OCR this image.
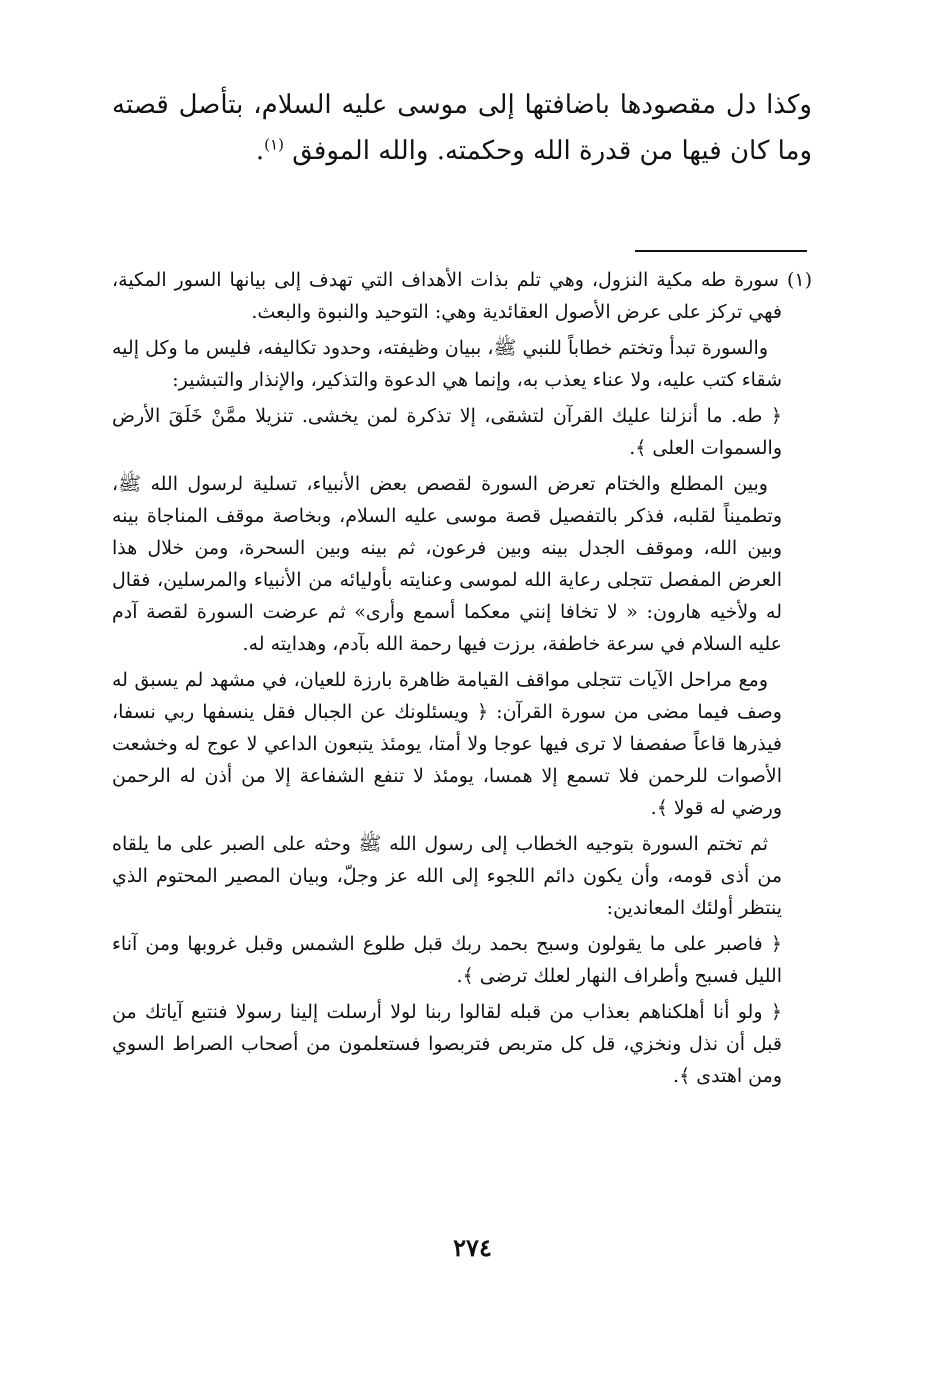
وكذا دل مقصودها باضافتها إلى موسى عليه السلام، بتأصل قصته وما كان فيها من قدرة الله وحكمته. والله الموفق $^{(١)}$.

(١) سورة طه مكية النزول، وهي تلم بذات الأهداف التي تهدف إلى بيانها السور المكية، فهي تركز على عرض الأصول العقائدية وهي: التوحيد والنبوة والبعث.

والسورة تبدأ وتختم خطاباً للنبي ﷺ، ببيان وظيفته، وحدود تكاليفه، فليس ما وكل إليه شقاء كتب عليه، ولا عناء يعذب به، وإنما هي الدعوة والتذكير، والإنذار والتبشير:

﴿ طه. ما أنزلنا عليك القرآن لتشقى، إلا تذكرة لمن يخشى. تنزيلا ممَّنْ خَلَقَ الأرض والسموات العلى ﴾.

وبين المطلع والختام تعرض السورة لقصص بعض الأنبياء، تسلية لرسول الله ﷺ، وتطميناً لقلبه، فذكر بالتفصيل قصة موسى عليه السلام، وبخاصة موقف المناجاة بينه وبين الله، وموقف الجدل بينه وبين فرعون، ثم بينه وبين السحرة، ومن خلال هذا العرض المفصل تتجلى رعاية الله لموسى وعنايته بأوليائه من الأنبياء والمرسلين، فقال له ولأخيه هارون: « لا تخافا إنني معكما أسمع وأرى» ثم عرضت السورة لقصة آدم عليه السلام في سرعة خاطفة، برزت فيها رحمة الله بآدم، وهدايته له.

ومع مراحل الآيات تتجلى مواقف القيامة ظاهرة بارزة للعيان، في مشهد لم يسبق له وصف فيما مضى من سورة القرآن: ﴿ ويسئلونك عن الجبال فقل ينسفها ربي نسفا، فيذرها قاعاً صفصفا لا ترى فيها عوجا ولا أمتا، يومئذ يتبعون الداعي لا عوج له وخشعت الأصوات للرحمن فلا تسمع إلا همسا، يومئذ لا تنفع الشفاعة إلا من أذن له الرحمن ورضي له قولا ﴾.

ثم تختم السورة بتوجيه الخطاب إلى رسول الله ﷺ وحثه على الصبر على ما يلقاه من أذى قومه، وأن يكون دائم اللجوء إلى الله عز وجلّ، وبيان المصير المحتوم الذي ينتظر أولئك المعاندين:

﴿ فاصبر على ما يقولون وسبح بحمد ربك قبل طلوع الشمس وقبل غروبها ومن آناء الليل فسبح وأطراف النهار لعلك ترضى ﴾.

﴿ ولو أنا أهلكناهم بعذاب من قبله لقالوا ربنا لولا أرسلت إلينا رسولا فنتبع آياتك من قبل أن نذل ونخزي، قل كل متربص فتربصوا فستعلمون من أصحاب الصراط السوي ومن اهتدى ﴾.

٢٧٤
